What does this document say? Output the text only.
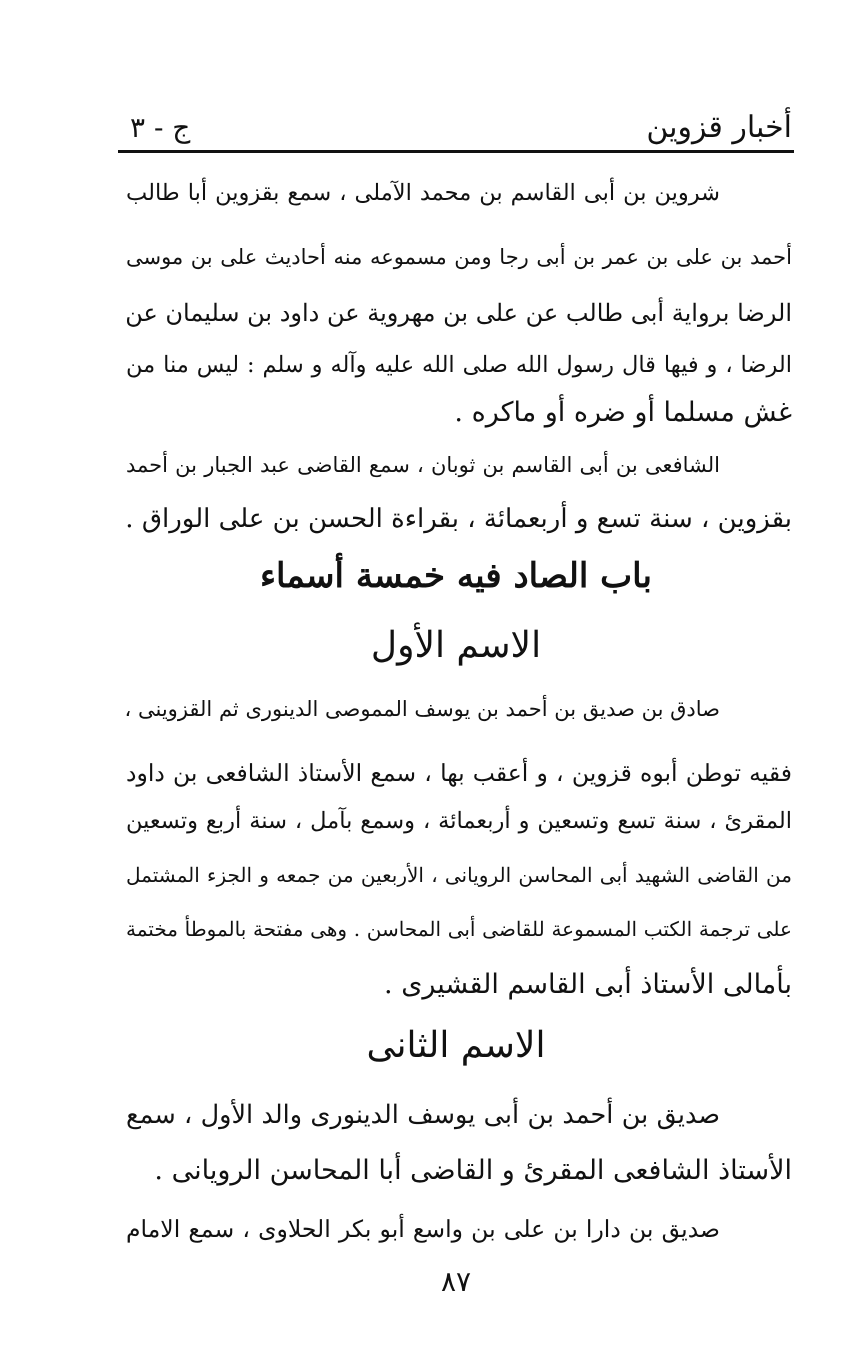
أخبار قزوين
ج - ٣
شروين بن أبى القاسم بن محمد الآملى ، سمع بقزوين أبا طالب
أحمد بن على بن عمر بن أبى رجا ومن مسموعه منه أحاديث على بن موسى
الرضا برواية أبى طالب عن على بن مهروية عن داود بن سليمان عن
الرضا ، و فيها قال رسول الله صلى الله عليه وآله و سلم : ليس منا من
غش مسلما أو ضره أو ماكره .
الشافعى بن أبى القاسم بن ثوبان ، سمع القاضى عبد الجبار بن أحمد
بقزوين ، سنة تسع و أربعمائة ، بقراءة الحسن بن على الوراق .
باب الصاد فيه خمسة أسماء
الاسم الأول
صادق بن صديق بن أحمد بن يوسف المموصى الدينورى ثم القزوينى ،
فقيه توطن أبوه قزوين ، و أعقب بها ، سمع الأستاذ الشافعى بن داود
المقرئ ، سنة تسع وتسعين و أربعمائة ، وسمع بآمل ، سنة أربع وتسعين
من القاضى الشهيد أبى المحاسن الرويانى ، الأربعين من جمعه و الجزء المشتمل
على ترجمة الكتب المسموعة للقاضى أبى المحاسن . وهى مفتحة بالموطأ مختمة
بأمالى الأستاذ أبى القاسم القشيرى .
الاسم الثانى
صديق بن أحمد بن أبى يوسف الدينورى والد الأول ، سمع
الأستاذ الشافعى المقرئ و القاضى أبا المحاسن الرويانى .
صديق بن دارا بن على بن واسع أبو بكر الحلاوى ، سمع الامام
٨٧
